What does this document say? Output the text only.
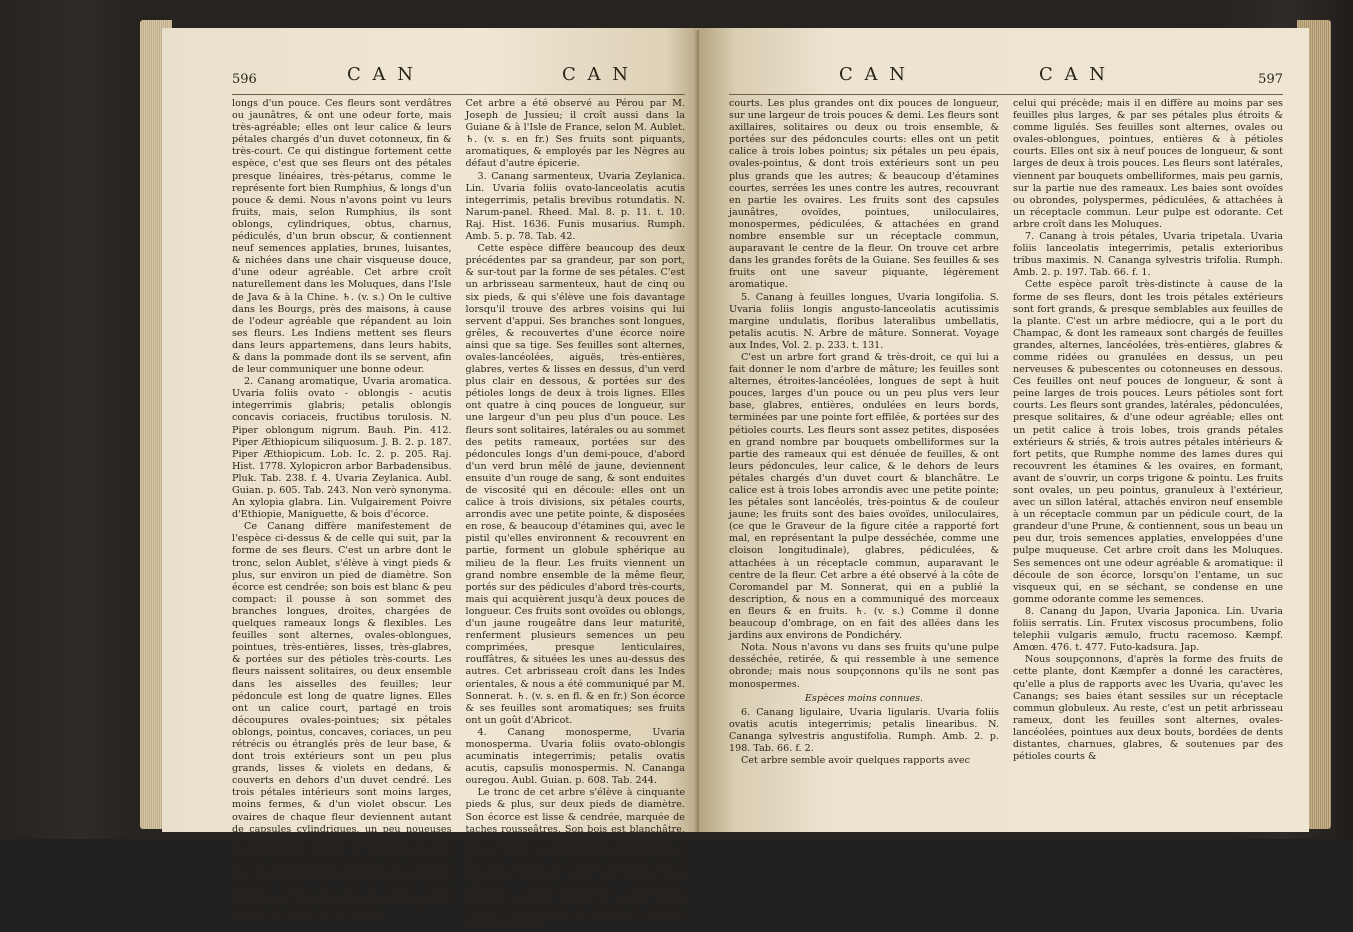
596	C A N	C A N

longs d'un pouce. Ces fleurs sont verdâtres ou jaunâtres, & ont une odeur forte, mais très-agréable; elles ont leur calice & leurs pétales chargés d'un duvet cotonneux, fin & très-court. Ce qui distingue fortement cette espèce, c'est que ses fleurs ont des pétales presque linéaires, très-pétarus, comme le représente fort bien Rumphius, & longs d'un pouce & demi. Nous n'avons point vu leurs fruits, mais, selon Rumphius, ils sont oblongs, cylindriques, obtus, charnus, pédiculés, d'un brun obscur, & contiennent neuf semences applaties, brunes, luisantes, & nichées dans une chair visqueuse douce, d'une odeur agréable. Cet arbre croît naturellement dans les Moluques, dans l'Isle de Java & à la Chine. ♄. (v. s.) On le cultive dans les Bourgs, près des maisons, à cause de l'odeur agréable que répandent au loin ses fleurs. Les Indiens mettent ses fleurs dans leurs appartemens, dans leurs habits, & dans la pommade dont ils se servent, afin de leur communiquer une bonne odeur.

2. Canang aromatique, Uvaria aromatica. Uvaria foliis ovato - oblongis - acutis integerrimis glabris; petalis oblongis concavis coriaceis, fructibus torulosis. N. Piper oblongum nigrum. Bauh. Pin. 412. Piper Æthiopicum siliquosum. J. B. 2. p. 187. Piper Æthiopicum. Lob. Ic. 2. p. 205. Raj. Hist. 1778. Xylopicron arbor Barbadensibus. Pluk. Tab. 238. f. 4. Uvaria Zeylanica. Aubl. Guian. p. 605. Tab. 243. Non verò synonyma. An xylopia glabra. Lin. Vulgairement Poivre d'Ethiopie, Maniguette, & bois d'écorce.

Ce Canang diffère manifestement de l'espèce ci-dessus & de celle qui suit, par la forme de ses fleurs. C'est un arbre dont le tronc, selon Aublet, s'élève à vingt pieds & plus, sur environ un pied de diamètre. Son écorce est cendrée; son bois est blanc & peu compact: il pousse à son sommet des branches longues, droites, chargées de quelques rameaux longs & flexibles. Les feuilles sont alternes, ovales-oblongues, pointues, très-entières, lisses, très-glabres, & portées sur des pétioles très-courts. Les fleurs naissent solitaires, ou deux ensemble dans les aisselles des feuilles; leur pédoncule est long de quatre lignes. Elles ont un calice court, partagé en trois découpures ovales-pointues; six pétales oblongs, pointus, concaves, coriaces, un peu rétrécis ou étranglés près de leur base, & dont trois extérieurs sont un peu plus grands, lisses & violets en dedans, & couverts en dehors d'un duvet cendré. Les trois pétales intérieurs sont moins larges, moins fermes, & d'un violet obscur. Les ovaires de chaque fleur deviennent autant de capsules cylindriques, un peu noueuses ou toruleuses, longues d'un pouce & plus, rougeâtres ou brunes, & portées chacune sur un pédicule court & épais. Ces capsules sont attachées à un même réceptacle, & leur nombre varie de dix à vingt. Elles contiennent depuis une jusqu'à huit graines placées les unes sur les autres.

Cet arbre a été observé au Pérou par M. Joseph de Jussieu; il croît aussi dans la Guiane & à l'Isle de France, selon M. Aublet. ♄. (v. s. en fr.) Ses fruits sont piquants, aromatiques, & employés par les Nègres au défaut d'autre épicerie.

3. Canang sarmenteux, Uvaria Zeylanica. Lin. Uvaria foliis ovato-lanceolatis acutis integerrimis, petalis brevibus rotundatis. N. Narum-panel. Rheed. Mal. 8. p. 11. t. 10. Raj. Hist. 1636. Funis musarius. Rumph. Amb. 5. p. 78. Tab. 42.

Cette espèce diffère beaucoup des deux précédentes par sa grandeur, par son port, & sur-tout par la forme de ses pétales. C'est un arbrisseau sarmenteux, haut de cinq ou six pieds, & qui s'élève une fois davantage lorsqu'il trouve des arbres voisins qui lui servent d'appui. Ses branches sont longues, grêles, & recouvertes d'une écorce noire ainsi que sa tige. Ses feuilles sont alternes, ovales-lancéolées, aiguës, très-entières, glabres, vertes & lisses en dessus, d'un verd plus clair en dessous, & portées sur des pétioles longs de deux à trois lignes. Elles ont quatre à cinq pouces de longueur, sur une largeur d'un peu plus d'un pouce. Les fleurs sont solitaires, latérales ou au sommet des petits rameaux, portées sur des pédoncules longs d'un demi-pouce, d'abord d'un verd brun mêlé de jaune, deviennent ensuite d'un rouge de sang, & sont enduites de viscosité qui en découle: elles ont un calice à trois divisions, six pétales courts, arrondis avec une petite pointe, & disposées en rose, & beaucoup d'étamines qui, avec le pistil qu'elles environnent & recouvrent en partie, forment un globule sphérique au milieu de la fleur. Les fruits viennent un grand nombre ensemble de la même fleur, portés sur des pédicules d'abord très-courts, mais qui acquièrent jusqu'à deux pouces de longueur. Ces fruits sont ovoïdes ou oblongs, d'un jaune rougeâtre dans leur maturité, renferment plusieurs semences un peu comprimées, presque lenticulaires, rouffâtres, & situées les unes au-dessus des autres. Cet arbrisseau croît dans les Indes orientales, & nous a été communiqué par M. Sonnerat. ♄. (v. s. en fl. & en fr.) Son écorce & ses feuilles sont aromatiques; ses fruits ont un goût d'Abricot.

4. Canang monosperme, Uvaria monosperma. Uvaria foliis ovato-oblongis acuminatis integerrimis; petalis ovatis acutis, capsulis monospermis. N. Cananga ouregou. Aubl. Guian. p. 608. Tab. 244.

Le tronc de cet arbre s'élève à cinquante pieds & plus, sur deux pieds de diamètre. Son écorce est lisse & cendrée, marquée de taches rousseâtres. Son bois est blanchâtre, dur, compact, & légèrement aromatique. Il pousse à son sommet de grosses branches, les unes droites, & d'autres inclinées qui se répandent en tous sens. Ses feuilles sont alternes, ovales-oblongues, acuminées, entières, glabres, vertes en dessus, d'une couleur ferrugineuse en dessous, & portées sur des pétioles

C A N	C A N	597

courts. Les plus grandes ont dix pouces de longueur, sur une largeur de trois pouces & demi. Les fleurs sont axillaires, solitaires ou deux ou trois ensemble, & portées sur des pédoncules courts: elles ont un petit calice à trois lobes pointus; six pétales un peu épais, ovales-pointus, & dont trois extérieurs sont un peu plus grands que les autres; & beaucoup d'étamines courtes, serrées les unes contre les autres, recouvrant en partie les ovaires. Les fruits sont des capsules jaunâtres, ovoïdes, pointues, uniloculaires, monospermes, pédiculées, & attachées en grand nombre ensemble sur un réceptacle commun, auparavant le centre de la fleur. On trouve cet arbre dans les grandes forêts de la Guiane. Ses feuilles & ses fruits ont une saveur piquante, légèrement aromatique.

5. Canang à feuilles longues, Uvaria longifolia. S. Uvaria foliis longis angusto-lanceolatis acutissimis margine undulatis, floribus lateralibus umbellatis, petalis acutis. N. Arbre de mâture. Sonnerat. Voyage aux Indes, Vol. 2. p. 233. t. 131.

C'est un arbre fort grand & très-droit, ce qui lui a fait donner le nom d'arbre de mâture; les feuilles sont alternes, étroites-lancéolées, longues de sept à huit pouces, larges d'un pouce ou un peu plus vers leur base, glabres, entières, ondulées en leurs bords, terminées par une pointe fort effilée, & portées sur des pétioles courts. Les fleurs sont assez petites, disposées en grand nombre par bouquets ombelliformes sur la partie des rameaux qui est dénuée de feuilles, & ont leurs pédoncules, leur calice, & le dehors de leurs pétales chargés d'un duvet court & blanchâtre. Le calice est à trois lobes arrondis avec une petite pointe; les pétales sont lancéolés, très-pointus & de couleur jaune; les fruits sont des baies ovoïdes, uniloculaires, (ce que le Graveur de la figure citée a rapporté fort mal, en représentant la pulpe desséchée, comme une cloison longitudinale), glabres, pédiculées, & attachées à un réceptacle commun, auparavant le centre de la fleur. Cet arbre a été observé à la côte de Coromandel par M. Sonnerat, qui en a publié la description, & nous en a communiqué des morceaux en fleurs & en fruits. ♄. (v. s.) Comme il donne beaucoup d'ombrage, on en fait des allées dans les jardins aux environs de Pondichéry.

Nota. Nous n'avons vu dans ses fruits qu'une pulpe desséchée, retirée, & qui ressemble à une semence obronde; mais nous soupçonnons qu'ils ne sont pas monospermes.

Espèces moins connues.

6. Canang ligulaire, Uvaria ligularis. Uvaria foliis ovatis acutis integerrimis; petalis linearibus. N. Cananga sylvestris angustifolia. Rumph. Amb. 2. p. 198. Tab. 66. f. 2.

Cet arbre semble avoir quelques rapports avec

celui qui précède; mais il en diffère au moins par ses feuilles plus larges, & par ses pétales plus étroits & comme ligulés. Ses feuilles sont alternes, ovales ou ovales-oblongues, pointues, entières & à pétioles courts. Elles ont six à neuf pouces de longueur, & sont larges de deux à trois pouces. Les fleurs sont latérales, viennent par bouquets ombelliformes, mais peu garnis, sur la partie nue des rameaux. Les baies sont ovoïdes ou obrondes, polyspermes, pédiculées, & attachées à un réceptacle commun. Leur pulpe est odorante. Cet arbre croît dans les Moluques.

7. Canang à trois pétales, Uvaria tripetala. Uvaria foliis lanceolatis integerrimis, petalis exterioribus tribus maximis. N. Cananga sylvestris trifolia. Rumph. Amb. 2. p. 197. Tab. 66. f. 1.

Cette espèce paroît très-distincte à cause de la forme de ses fleurs, dont les trois pétales extérieurs sont fort grands, & presque semblables aux feuilles de la plante. C'est un arbre médiocre, qui a le port du Champac, & dont les rameaux sont chargés de feuilles grandes, alternes, lancéolées, très-entières, glabres & comme ridées ou granulées en dessus, un peu nerveuses & pubescentes ou cotonneuses en dessous. Ces feuilles ont neuf pouces de longueur, & sont à peine larges de trois pouces. Leurs pétioles sont fort courts. Les fleurs sont grandes, latérales, pédonculées, presque solitaires, & d'une odeur agréable; elles ont un petit calice à trois lobes, trois grands pétales extérieurs & striés, & trois autres pétales intérieurs & fort petits, que Rumphe nomme des lames dures qui recouvrent les étamines & les ovaires, en formant, avant de s'ouvrir, un corps trigone & pointu. Les fruits sont ovales, un peu pointus, granuleux à l'extérieur, avec un sillon latéral, attachés environ neuf ensemble à un réceptacle commun par un pédicule court, de la grandeur d'une Prune, & contiennent, sous un beau un peu dur, trois semences applaties, enveloppées d'une pulpe muqueuse. Cet arbre croît dans les Moluques. Ses semences ont une odeur agréable & aromatique: il découle de son écorce, lorsqu'on l'entame, un suc visqueux qui, en se séchant, se condense en une gomme odorante comme les semences.

8. Canang du Japon, Uvaria Japonica. Lin. Uvaria foliis serratis. Lin. Frutex viscosus procumbens, folio telephii vulgaris æmulo, fructu racemoso. Kæmpf. Amœn. 476. t. 477. Futo-kadsura. Jap.

Nous soupçonnons, d'après la forme des fruits de cette plante, dont Kæmpfer a donné les caractères, qu'elle a plus de rapports avec les Uvaria, qu'avec les Canangs; ses baies étant sessiles sur un réceptacle commun globuleux. Au reste, c'est un petit arbrisseau rameux, dont les feuilles sont alternes, ovales-lancéolées, pointues aux deux bouts, bordées de dents distantes, charnues, glabres, & soutenues par des pétioles courts &
